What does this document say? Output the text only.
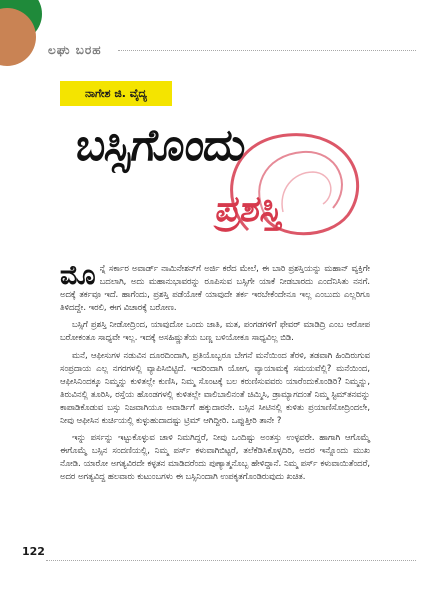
ಲಘು ಬರಹ
ನಾಗೇಶ ಜಿ. ವೈದ್ಯ
ಬಸ್ಸಿಗೊಂದು
ಪ್ರಶಸ್ತಿ

ಮೊನ್ನೆ ಸರ್ಕಾರ ಅವಾರ್ಡ್ ನಾಮಿನೇಶನ್‌ಗೆ ಅರ್ಜಿ ಕರೆದ ಮೇಲೆ, ಈ ಬಾರಿ ಪ್ರಶಸ್ತಿಯನ್ನು ಮಹಾನ್ ವ್ಯಕ್ತಿಗೇ ಬದಲಾಗಿ, ಅದು ಮಹಾನುಭಾವರನ್ನು ರೂಪಿಸುವ ಬಸ್ಸಿಗೇ ಯಾಕೆ ನೀಡಬಾರದು ಎಂದೆನಿಸಿತು ನನಗೆ. ಅದಕ್ಕೆ ತರ್ಕವೂ ಇದೆ. ಹಾಗೆಂದು, ಪ್ರಶಸ್ತಿ ಪಡೆಯೋಕೆ ಯಾವುದೇ ತರ್ಕ ಇರಬೇಕೆಂದೇನೂ ಇಲ್ಲ ಎಂಬುದು ಎಲ್ಲರಿಗೂ ತಿಳಿದದ್ದೇ. ಇರಲಿ, ಈಗ ವಿಚಾರಕ್ಕೆ ಬರೋಣ.

ಬಸ್ಸಿಗೆ ಪ್ರಶಸ್ತಿ ನೀಡೋದ್ರಿಂದ, ಯಾವುದೋ ಒಂದು ಜಾತಿ, ಮತ, ಪಂಗಡಗಳಿಗೆ ಫೇವರ್ ಮಾಡಿದ್ರಿ ಎಂಬ ಆರೋಪ ಬರೋಕಂತೂ ಸಾಧ್ಯವೇ ಇಲ್ಲ. ಇದಕ್ಕೆ ಅಸಹಿಷ್ಣುತೆಯ ಬಣ್ಣ ಬಳಿಯೋಕೂ ಸಾಧ್ಯವಿಲ್ಲ ಬಿಡಿ.

ಮನೆ, ಆಫೀಸುಗಳ ನಡುವಿನ ದೂರದಿಂದಾಗಿ, ಪ್ರತಿಯೊಬ್ಬರೂ ಬೇಗನೆ ಮನೆಯಿಂದ ತೆರಳಿ, ತಡವಾಗಿ ಹಿಂದಿರುಗುವ ಸಂಪ್ರದಾಯ ಎಲ್ಲ ನಗರಗಳಲ್ಲಿ ವ್ಯಾಪಿಸಿಬಿಟ್ಟಿದೆ. ಇದರಿಂದಾಗಿ ಯೋಗ, ವ್ಯಾಯಾಮಕ್ಕೆ ಸಮಯವೆಲ್ಲಿ? ಮನೆಯಿಂದ, ಆಫೀಸಿನಿಂದಕ್ಕೂ ನಿಮ್ಮನ್ನು ಕುಳಿತಲ್ಲೇ ಕುಣಿಸಿ, ನಿಮ್ಮ ಸೊಂಟಕ್ಕೆ ಬಲ ಕರುಣಿಸುವವರು ಯಾರೆಂದುಕೊಂಡಿರಿ? ನಿಮ್ಮನ್ನು, ತಿರುವಿನಲ್ಲಿ ತೂರಿಸಿ, ರಸ್ತೆಯ ಹೊಂಡಗಳಲ್ಲಿ ಕುಳಿತಲ್ಲೇ ವಾಲಿಬಾಲಿನಂತೆ ಚಿಮ್ಮಿಸಿ, ಡ್ರಾಮ್ಯಾಗದಂತೆ ನಿಮ್ಮ ಸ್ಟಿಮ್‌ತನವನ್ನು ಕಾಪಾಡಿಕೊಡುವ ಬಸ್ಸು ನಿಜವಾಗಿಯೂ ಅವಾರ್ಡಿಗೆ ಹಕ್ಕುದಾರನೇ. ಬಸ್ಸಿನ ಸೀಟಿನಲ್ಲಿ ಕುಳಿತು ಪ್ರಯಾಣಿಸೋದ್ರಿಂದಲೇ, ನೀವು ಆಫೀಸಿನ ಕುರ್ಚಿಯಲ್ಲಿ ಕುಳ್ಳುಹುದಾದಷ್ಟು ಟ್ರಿಮ್ ಆಗಿದ್ದೀರಿ. ಒಪ್ಪುತ್ತೀರಿ ತಾನೇ ?

ಇನ್ನು ಪರ್ಸನ್ನು ಇಟ್ಟುಕೊಳ್ಳುವ ಚಾಳಿ ನಿಮಗಿದ್ದರೆ, ನೀವು ಒಂದಿಷ್ಟು ಅಂತಸ್ತು ಉಳ್ಳವರೇ. ಹಾಗಾಗಿ ಆಗೊಮ್ಮೆ ಈಗೊಮ್ಮೆ ಬಸ್ಸಿನ ಸಂದಣಿಯಲ್ಲಿ, ನಿಮ್ಮ ಪರ್ಸ್ ಕಳುವಾಗಿಬಿಟ್ಟರೆ, ತಲೆಕೆಡಿಸಿಕೊಳ್ಳದಿರಿ, ಅದರ ಇನ್ನೊಂದು ಮುಖ ನೋಡಿ. ಯಾರೋ ಅಗತ್ಯವಿರದೇ ಕಳ್ಳತನ ಮಾಡಿದರೆಂದು ಪುಣ್ಯಾತ್ಮನೊಬ್ಬ ಹೇಳಿದ್ದಾನೆ. ನಿಮ್ಮ ಪರ್ಸ್ ಕಳುವಾಯಿತೆಂದರೆ, ಅದರ ಅಗತ್ಯವಿದ್ದ ಹಲವಾರು ಕುಟುಂಬಗಳು ಈ ಬಸ್ಸಿನಿಂದಾಗಿ ಉಪಕೃತಗೊಂಡಿರುವುದು ಖಚಿತ.

122
